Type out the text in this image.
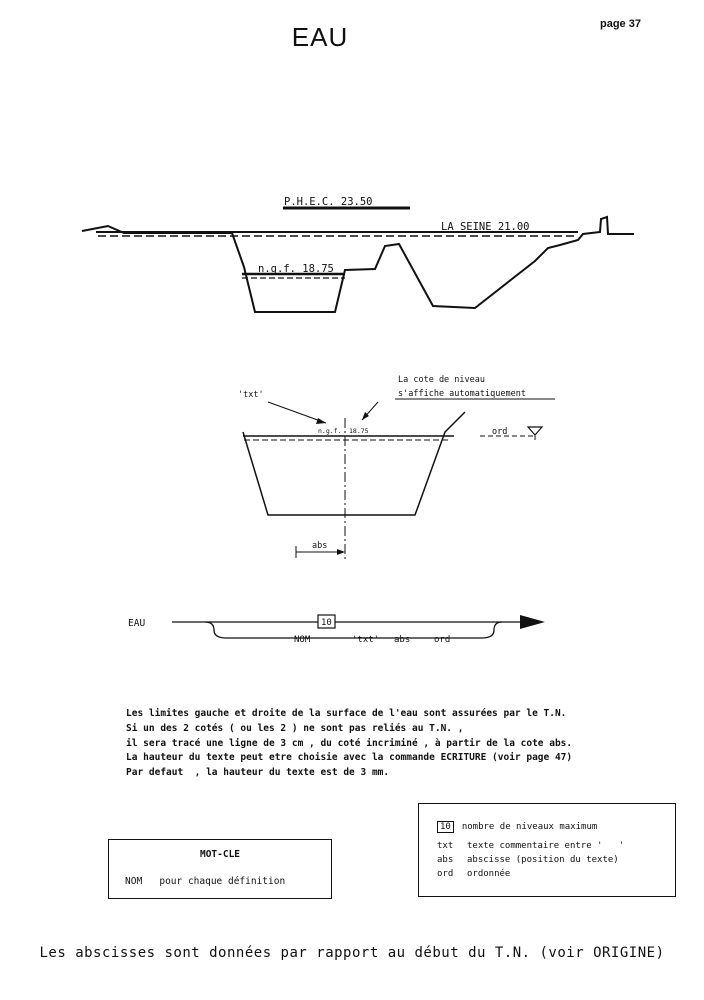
EAU	page 37
P.H.E.C. 23.50
LA SEINE 21.00
n.g.f. 18.75
'txt'
La cote de niveau
s'affiche automatiquement
n.g.f. 18.75	ord
abs
EAU	10
NOM	'txt' abs	ord
Les limites gauche et droite de la surface de l'eau sont assurées par le T.N.
Si un des 2 cotés ( ou les 2 ) ne sont pas reliés au T.N. ,
il sera tracé une ligne de 3 cm , du coté incriminé , à partir de la cote abs.
La hauteur du texte peut etre choisie avec la commande ECRITURE (voir page 47)
Par defaut  , la hauteur du texte est de 3 mm.
MOT-CLE
NOM pour chaque définition
10 nombre de niveaux maximum
txt texte commentaire entre '   '
abs abscisse (position du texte)
ord ordonnée
Les abscisses sont données par rapport au début du T.N. (voir ORIGINE)
